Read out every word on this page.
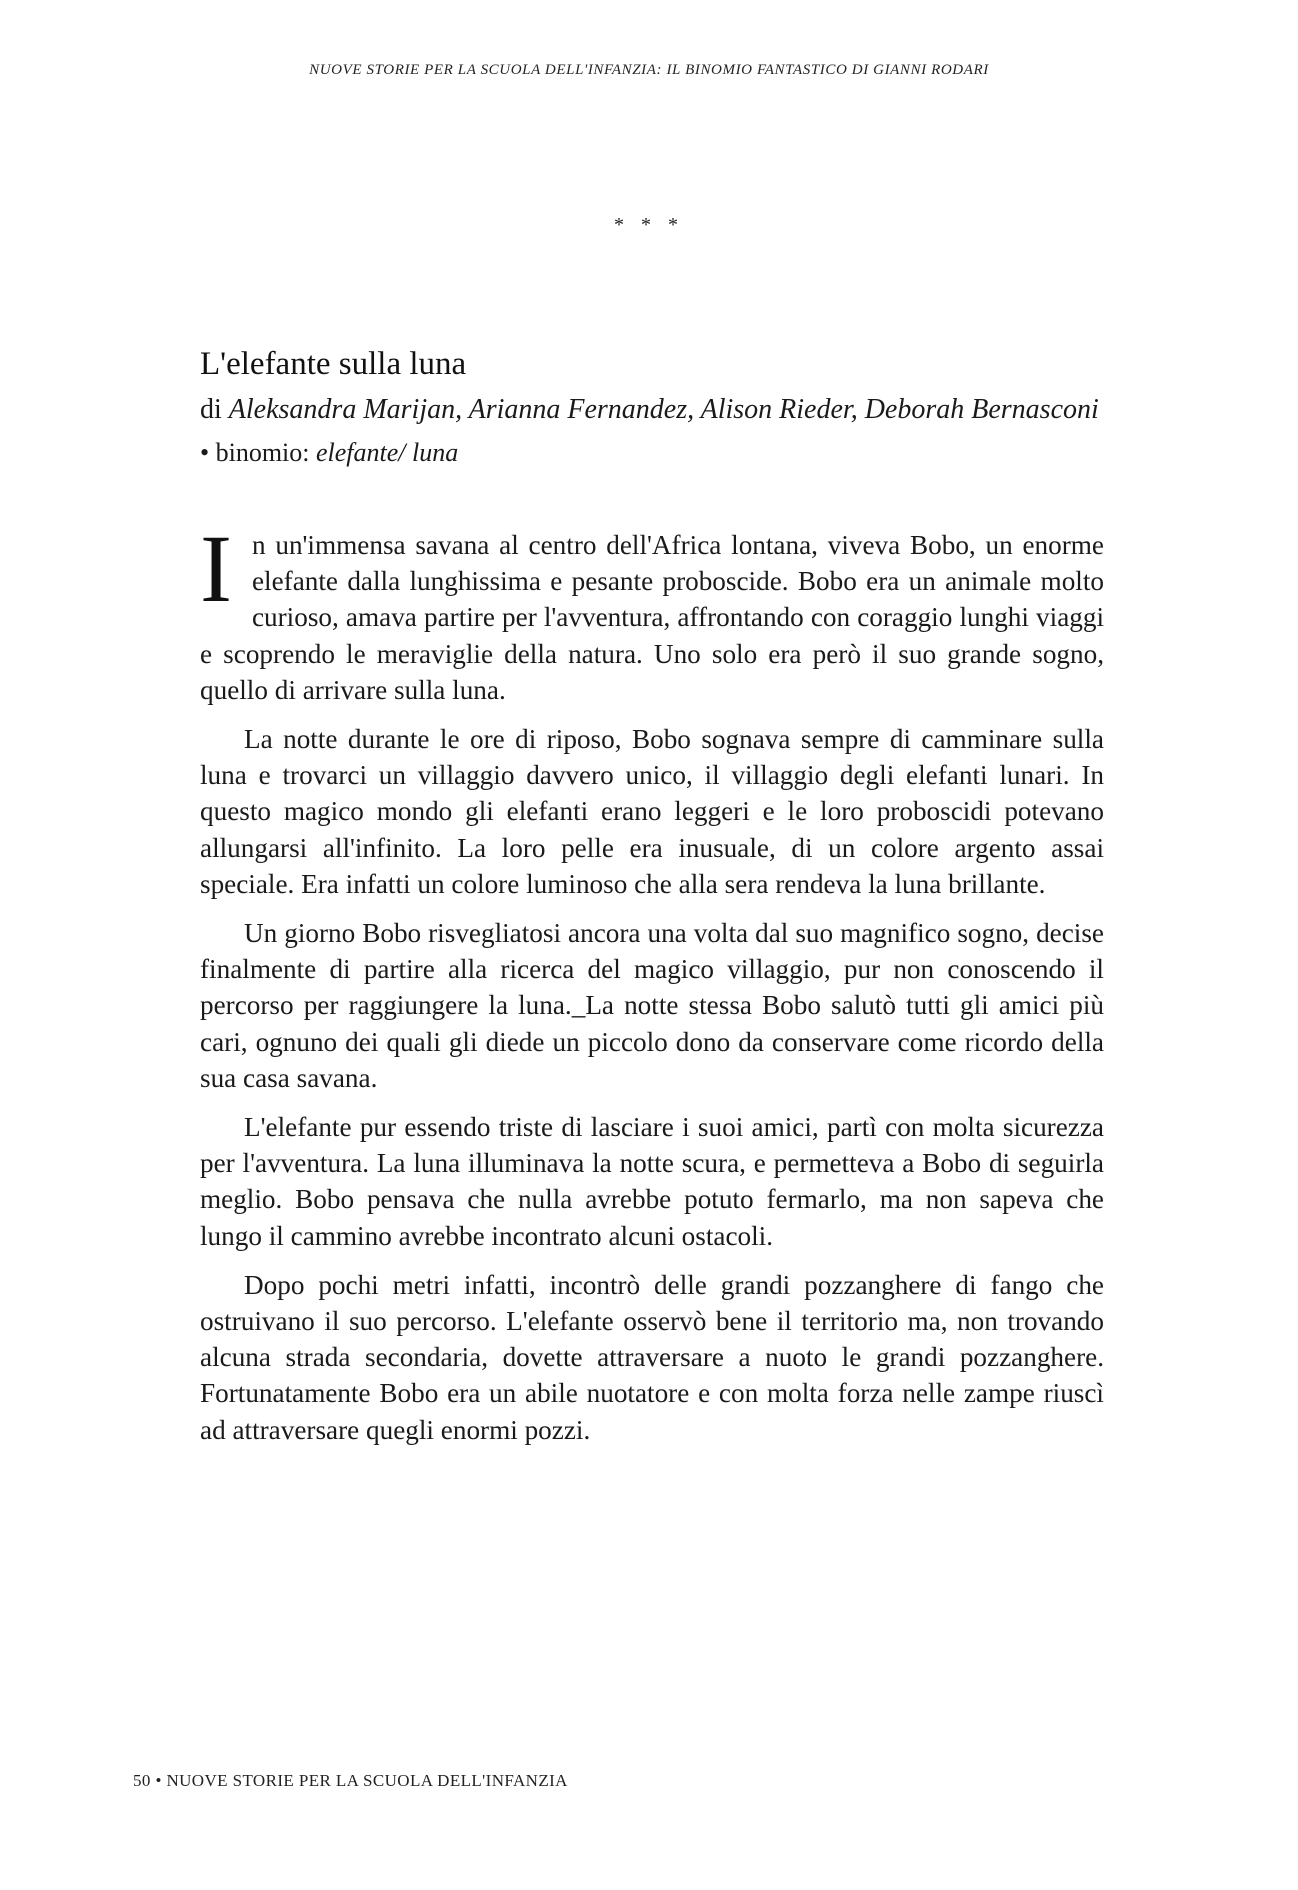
NUOVE STORIE PER LA SCUOLA DELL'INFANZIA: IL BINOMIO FANTASTICO DI GIANNI RODARI
* * *
L'elefante sulla luna

di Aleksandra Marijan, Arianna Fernandez, Alison Rieder, Deborah Bernasconi

• binomio: elefante/ luna

In un'immensa savana al centro dell'Africa lontana, viveva Bobo, un enorme elefante dalla lunghissima e pesante proboscide. Bobo era un animale molto curioso, amava partire per l'avventura, affrontando con coraggio lunghi viaggi e scoprendo le meraviglie della natura. Uno solo era però il suo grande sogno, quello di arrivare sulla luna.

La notte durante le ore di riposo, Bobo sognava sempre di camminare sulla luna e trovarci un villaggio davvero unico, il villaggio degli elefanti lunari. In questo magico mondo gli elefanti erano leggeri e le loro proboscidi potevano allungarsi all'infinito. La loro pelle era inusuale, di un colore argento assai speciale. Era infatti un colore luminoso che alla sera rendeva la luna brillante.

Un giorno Bobo risvegliatosi ancora una volta dal suo magnifico sogno, decise finalmente di partire alla ricerca del magico villaggio, pur non conoscendo il percorso per raggiungere la luna._La notte stessa Bobo salutò tutti gli amici più cari, ognuno dei quali gli diede un piccolo dono da conservare come ricordo della sua casa savana.

L'elefante pur essendo triste di lasciare i suoi amici, partì con molta sicurezza per l'avventura. La luna illuminava la notte scura, e permetteva a Bobo di seguirla meglio. Bobo pensava che nulla avrebbe potuto fermarlo, ma non sapeva che lungo il cammino avrebbe incontrato alcuni ostacoli.

Dopo pochi metri infatti, incontrò delle grandi pozzanghere di fango che ostruivano il suo percorso. L'elefante osservò bene il territorio ma, non trovando alcuna strada secondaria, dovette attraversare a nuoto le grandi pozzanghere. Fortunatamente Bobo era un abile nuotatore e con molta forza nelle zampe riuscì ad attraversare quegli enormi pozzi.

50 • NUOVE STORIE PER LA SCUOLA DELL'INFANZIA
